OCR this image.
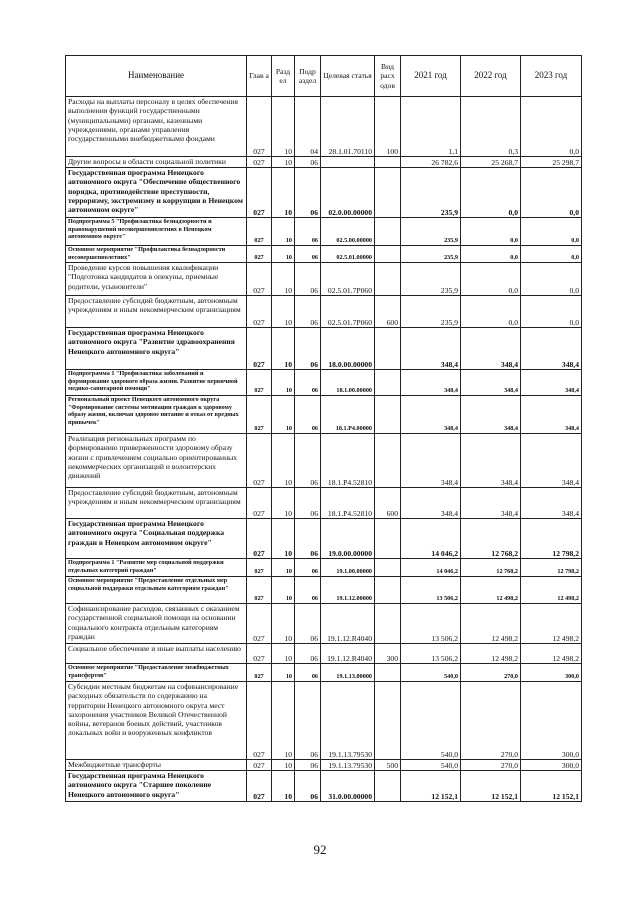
Наименование	Глав а	Разд ел	Подр аздел	Целевая статья	Вид расх одов	2021 год	2022 год	2023 год
Расходы на выплаты персоналу в целях обеспечения выполнения функций государственными (муниципальными) органами, казенными учреждениями, органами управления государственными внебюджетными фондами	027	10	04	28.1.01.70110	100	1,1	0,3	0,0
Другие вопросы в области социальной политики	027	10	06			26 782,6	25 268,7	25 298,7
Государственная программа Ненецкого автономного округа "Обеспечение общественного порядка, противодействие преступности, терроризму, экстремизму и коррупции в Ненецком автономном округе"	027	10	06	02.0.00.00000		235,9	0,0	0,0
Подпрограмма 5 "Профилактика безнадзорности и правонарушений несовершеннолетних в Ненецком автономном округе"	027	10	06	02.5.00.00000		235,9	0,0	0,0
Основное мероприятие "Профилактика безнадзорности несовершеннолетних"	027	10	06	02.5.01.00000		235,9	0,0	0,0
Проведение курсов повышения квалификации "Подготовка кандидатов в опекуны, приемные родители, усыновители"	027	10	06	02.5.01.7P060		235,9	0,0	0,0
Предоставление субсидий бюджетным, автономным учреждениям и иным некоммерческим организациям	027	10	06	02.5.01.7P060	600	235,9	0,0	0,0
Государственная программа Ненецкого автономного округа "Развитие здравоохранения Ненецкого автономного округа"	027	10	06	18.0.00.00000		348,4	348,4	348,4
Подпрограмма 1 "Профилактика заболеваний и формирование здорового образа жизни. Развитие первичной медико-санитарной помощи"	027	10	06	18.1.00.00000		348,4	348,4	348,4
Региональный проект Ненецкого автономного округа "Формирование системы мотивации граждан к здоровому образу жизни, включая здоровое питание и отказ от вредных привычек"	027	10	06	18.1.P4.00000		348,4	348,4	348,4
Реализация региональных программ по формированию приверженности здоровому образу жизни с привлечением социально ориентированных некоммерческих организаций и волонтерских движений	027	10	06	18.1.P4.52810		348,4	348,4	348,4
Предоставление субсидий бюджетным, автономным учреждениям и иным некоммерческим организациям	027	10	06	18.1.P4.52810	600	348,4	348,4	348,4
Государственная программа Ненецкого автономного округа "Социальная поддержка граждан в Ненецком автономном округе"	027	10	06	19.0.00.00000		14 046,2	12 768,2	12 798,2
Подпрограмма 1 "Развитие мер социальной поддержки отдельных категорий граждан"	027	10	06	19.1.00.00000		14 046,2	12 768,2	12 798,2
Основное мероприятие "Предоставление отдельных мер социальной поддержки отдельным категориям граждан"	027	10	06	19.1.12.00000		13 506,2	12 498,2	12 498,2
Софинансирование расходов, связанных с оказанием государственной социальной помощи на основании социального контракта отдельным категориям граждан	027	10	06	19.1.12.R4040		13 506,2	12 498,2	12 498,2
Социальное обеспечение и иные выплаты населению	027	10	06	19.1.12.R4040	300	13 506,2	12 498,2	12 498,2
Основное мероприятие "Предоставление межбюджетных трансфертов"	027	10	06	19.1.13.00000		540,0	270,0	300,0
Субсидии местным бюджетам на софинансирование расходных обязательств по содержанию на территории Ненецкого автономного округа мест захоронения участников Великой Отечественной войны, ветеранов боевых действий, участников локальных войн и вооруженных конфликтов	027	10	06	19.1.13.79530		540,0	270,0	300,0
Межбюджетные трансферты	027	10	06	19.1.13.79530	500	540,0	270,0	300,0
Государственная программа Ненецкого автономного округа "Старшее поколение Ненецкого автономного округа"	027	10	06	31.0.00.00000		12 152,1	12 152,1	12 152,1
92
